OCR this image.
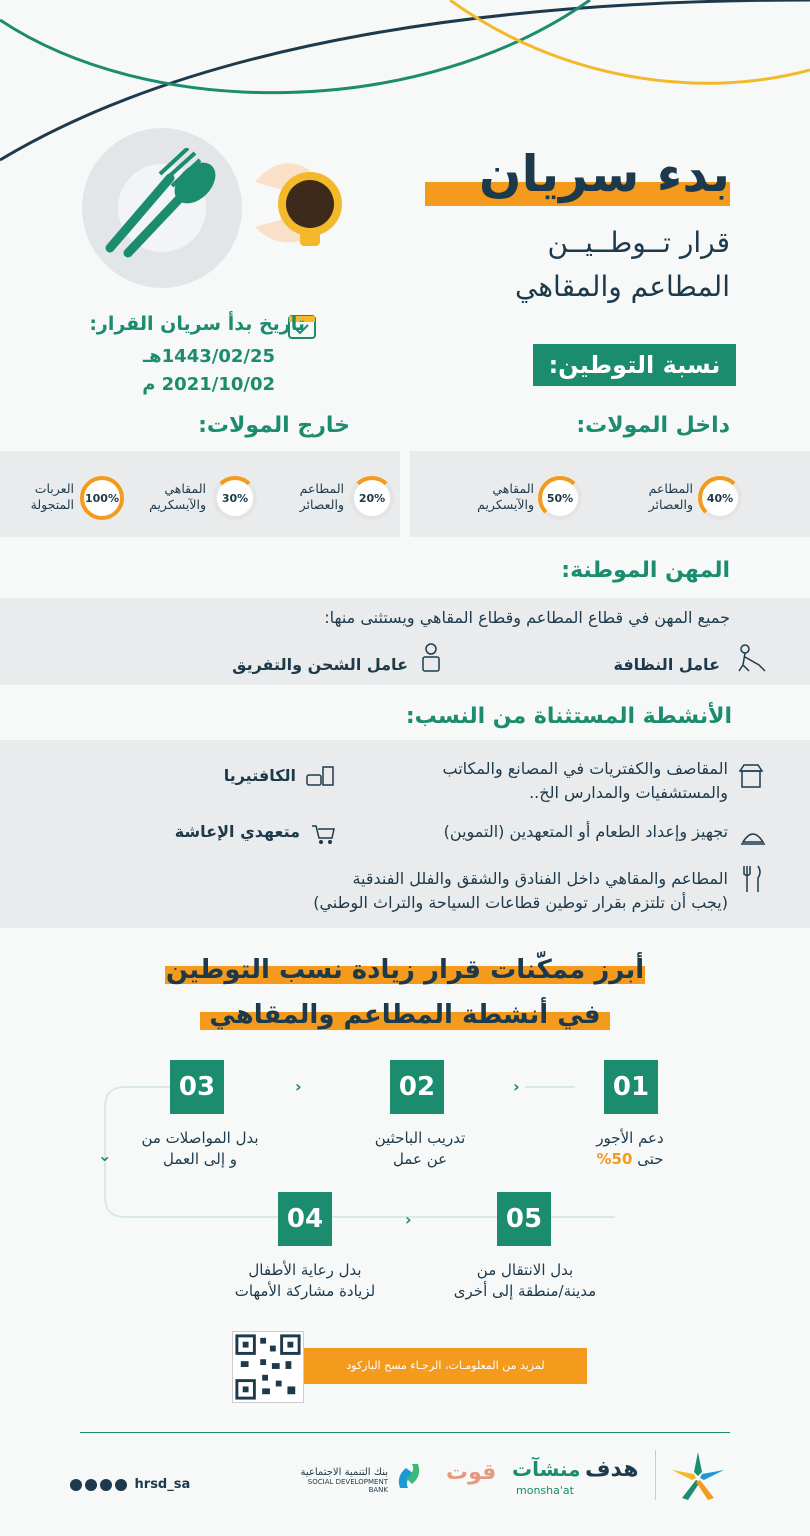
بدء سريان
قرار تــوطــيــن
المطاعم والمقاهي
تاريخ بدأ سريان القرار:
1443/02/25هـ
2021/10/02 م
نسبة التوطين:
داخل المولات:
خارج المولات:
40%
المطاعم
والعصائر
50%
المقاهي
والآيسكريم
20%
المطاعم
والعصائر
30%
المقاهي
والآيسكريم
100%
العربات
المتجولة
المهن الموطنة:
جميع المهن في قطاع المطاعم وقطاع المقاهي ويستثنى منها:
عامل النظافة
عامل الشحن والتفريق
الأنشطة المستثناة من النسب:
المقاصف والكفتريات في المصانع والمكاتب
والمستشفيات والمدارس الخ..
الكافتيريا
تجهيز وإعداد الطعام أو المتعهدين (التموين)
متعهدي الإعاشة
المطاعم والمقاهي داخل الفنادق والشقق والفلل الفندقية
(يجب أن تلتزم بقرار توطين قطاعات السياحة والتراث الوطني)
أبرز ممكّنات قرار زيادة نسب التوطين
في أنشطة المطاعم والمقاهي
⌄
›
›
›
01
دعم الأجور
حتى 50%
02
تدريب الباحثين
عن عمل
03
بدل المواصلات من
و إلى العمل
04
بدل رعاية الأطفال
لزيادة مشاركة الأمهات
05
بدل الانتقال من
مدينة/منطقة إلى أخرى
لمزيد من المعلومـات، الرجـاء مسح الباركود
hrsd_sa
بنك التنمية الاجتماعية
SOCIAL DEVELOPMENT BANK
قوت منشآت
monsha'at
هدف
